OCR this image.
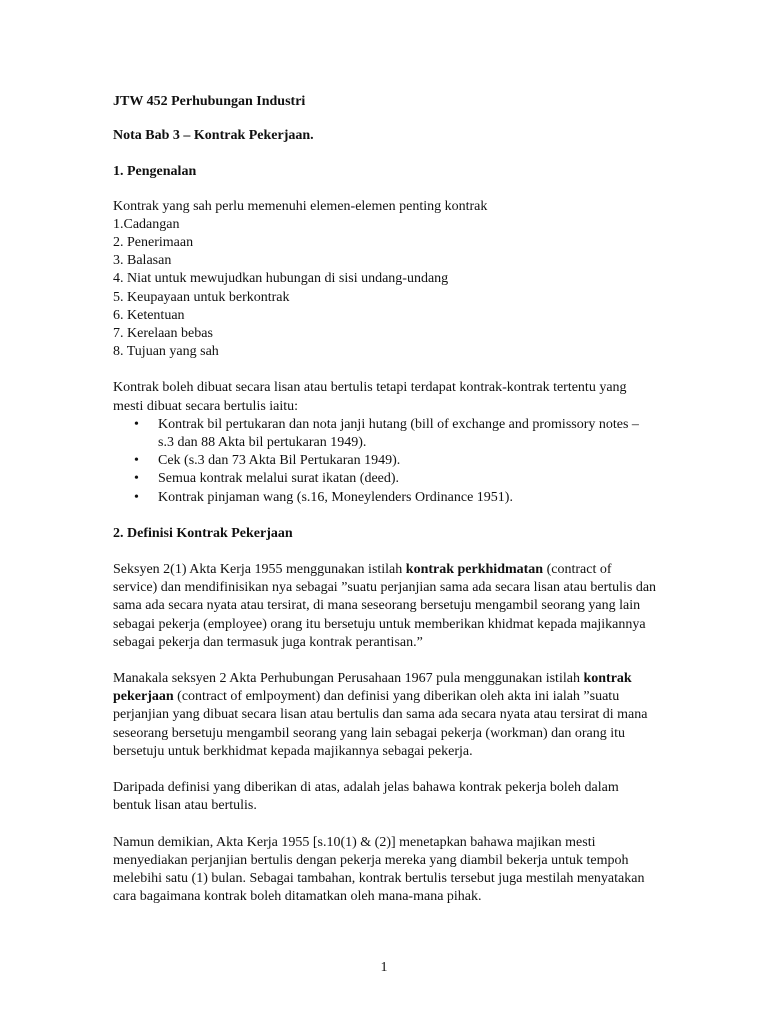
JTW 452 Perhubungan Industri

Nota Bab 3 – Kontrak Pekerjaan.

1. Pengenalan

Kontrak yang sah perlu memenuhi elemen-elemen penting kontrak

1.Cadangan

2. Penerimaan

3. Balasan

4. Niat untuk mewujudkan hubungan di sisi undang-undang

5. Keupayaan untuk berkontrak

6. Ketentuan

7. Kerelaan bebas

8. Tujuan yang sah

Kontrak boleh dibuat secara lisan atau bertulis tetapi terdapat kontrak-kontrak tertentu yang mesti dibuat secara bertulis iaitu:

• Kontrak bil pertukaran dan nota janji hutang (bill of exchange and promissory notes – s.3 dan 88 Akta bil pertukaran 1949).
• Cek (s.3 dan 73 Akta Bil Pertukaran 1949).
• Semua kontrak melalui surat ikatan (deed).
• Kontrak pinjaman wang (s.16, Moneylenders Ordinance 1951).

2. Definisi Kontrak Pekerjaan

Seksyen 2(1) Akta Kerja 1955 menggunakan istilah kontrak perkhidmatan (contract of service) dan mendifinisikan nya sebagai ”suatu perjanjian sama ada secara lisan atau bertulis dan sama ada secara nyata atau tersirat, di mana seseorang bersetuju mengambil seorang yang lain sebagai pekerja (employee) orang itu bersetuju untuk memberikan khidmat kepada majikannya sebagai pekerja dan termasuk juga kontrak perantisan.”

Manakala seksyen 2 Akta Perhubungan Perusahaan 1967 pula menggunakan istilah kontrak pekerjaan (contract of emlpoyment) dan definisi yang diberikan oleh akta ini ialah ”suatu perjanjian yang dibuat secara lisan atau bertulis dan sama ada secara nyata atau tersirat di mana seseorang bersetuju mengambil seorang yang lain sebagai pekerja (workman) dan orang itu bersetuju untuk berkhidmat kepada majikannya sebagai pekerja.

Daripada definisi yang diberikan di atas, adalah jelas bahawa kontrak pekerja boleh dalam bentuk lisan atau bertulis.

Namun demikian, Akta Kerja 1955 [s.10(1) & (2)] menetapkan bahawa majikan mesti menyediakan perjanjian bertulis dengan pekerja mereka yang diambil bekerja untuk tempoh melebihi satu (1) bulan. Sebagai tambahan, kontrak bertulis tersebut juga mestilah menyatakan cara bagaimana kontrak boleh ditamatkan oleh mana-mana pihak.

1
